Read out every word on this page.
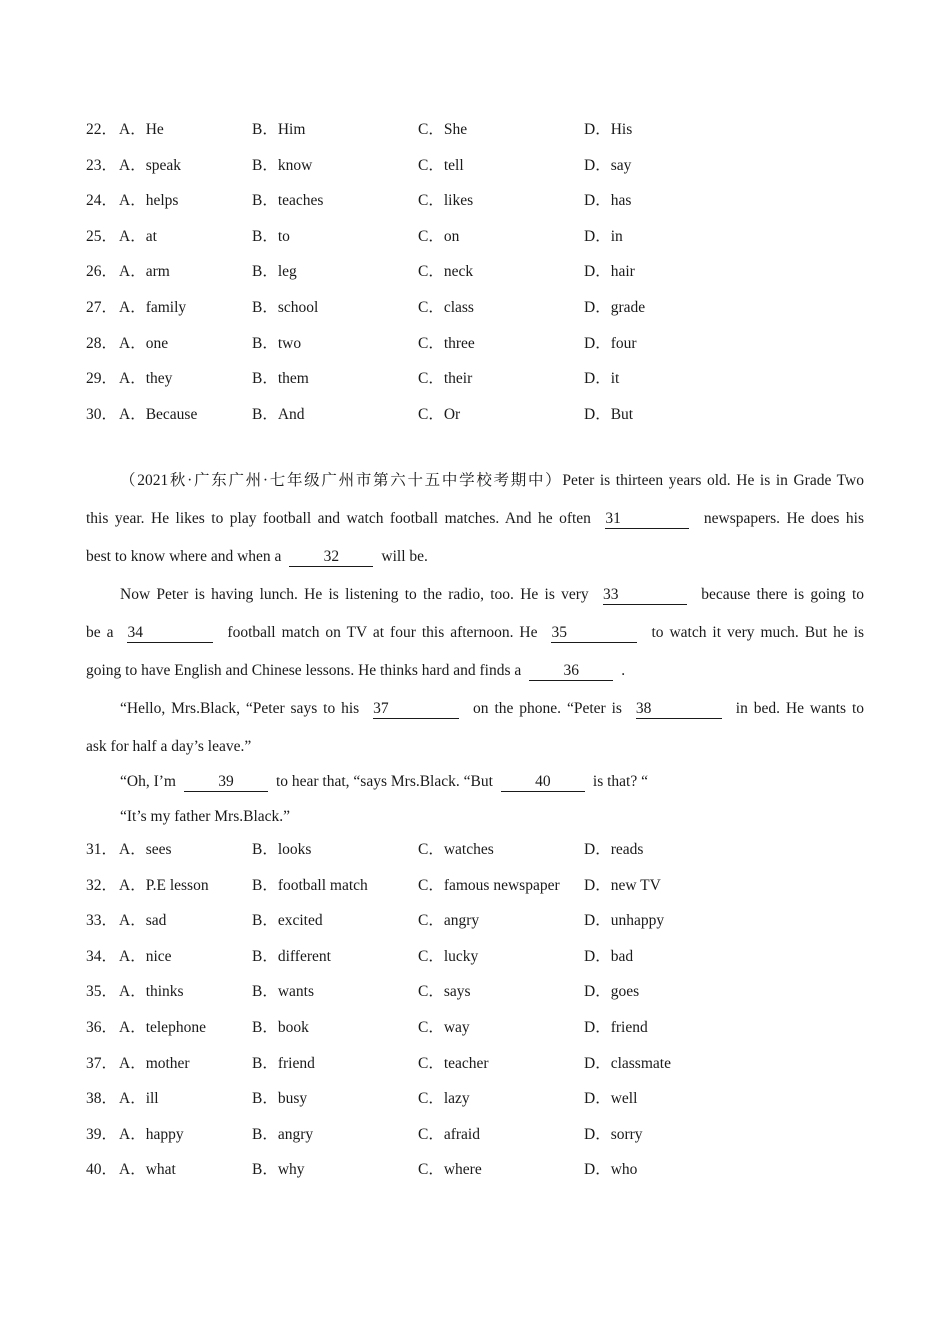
22． A．He	B．Him	C．She	D．His
23． A．speak	B．know	C．tell	D．say
24． A．helps	B．teaches	C．likes	D．has
25． A．at	B．to	C．on	D．in
26． A．arm	B．leg	C．neck	D．hair
27． A．family	B．school	C．class	D．grade
28． A．one	B．two	C．three	D．four
29． A．they	B．them	C．their	D．it
30． A．Because	B．And	C．Or	D．But
（2021秋·广东广州·七年级广州市第六十五中学校考期中）Peter is thirteen years old. He is in Grade Two
this year. He likes to play football and watch football matches. And he often 31	newspapers. He does his
best to know where and when a	32	will be.
Now Peter is having lunch. He is listening to the radio, too. He is very 33	because there is going to
be a 34	football match on TV at four this afternoon. He 35	to watch it very much. But he is
going to have English and Chinese lessons. He thinks hard and finds a	36	.
“Hello, Mrs.Black, “Peter says to his 37	on the phone. “Peter is 38	in bed. He wants to
ask for half a day’s leave.”
“Oh, I’m	39	to hear that, “says Mrs.Black. “But	40	is that? “
“It’s my father Mrs.Black.”
31． A．sees	B．looks	C．watches	D．reads
32． A．P.E lesson	B．football match	C．famous newspaper D．new TV
33． A．sad	B．excited	C．angry	D．unhappy
34． A．nice	B．different	C．lucky	D．bad
35． A．thinks	B．wants	C．says	D．goes
36． A．telephone	B．book	C．way	D．friend
37． A．mother	B．friend	C．teacher	D．classmate
38． A．ill	B．busy	C．lazy	D．well
39． A．happy	B．angry	C．afraid	D．sorry
40． A．what	B．why	C．where	D．who
